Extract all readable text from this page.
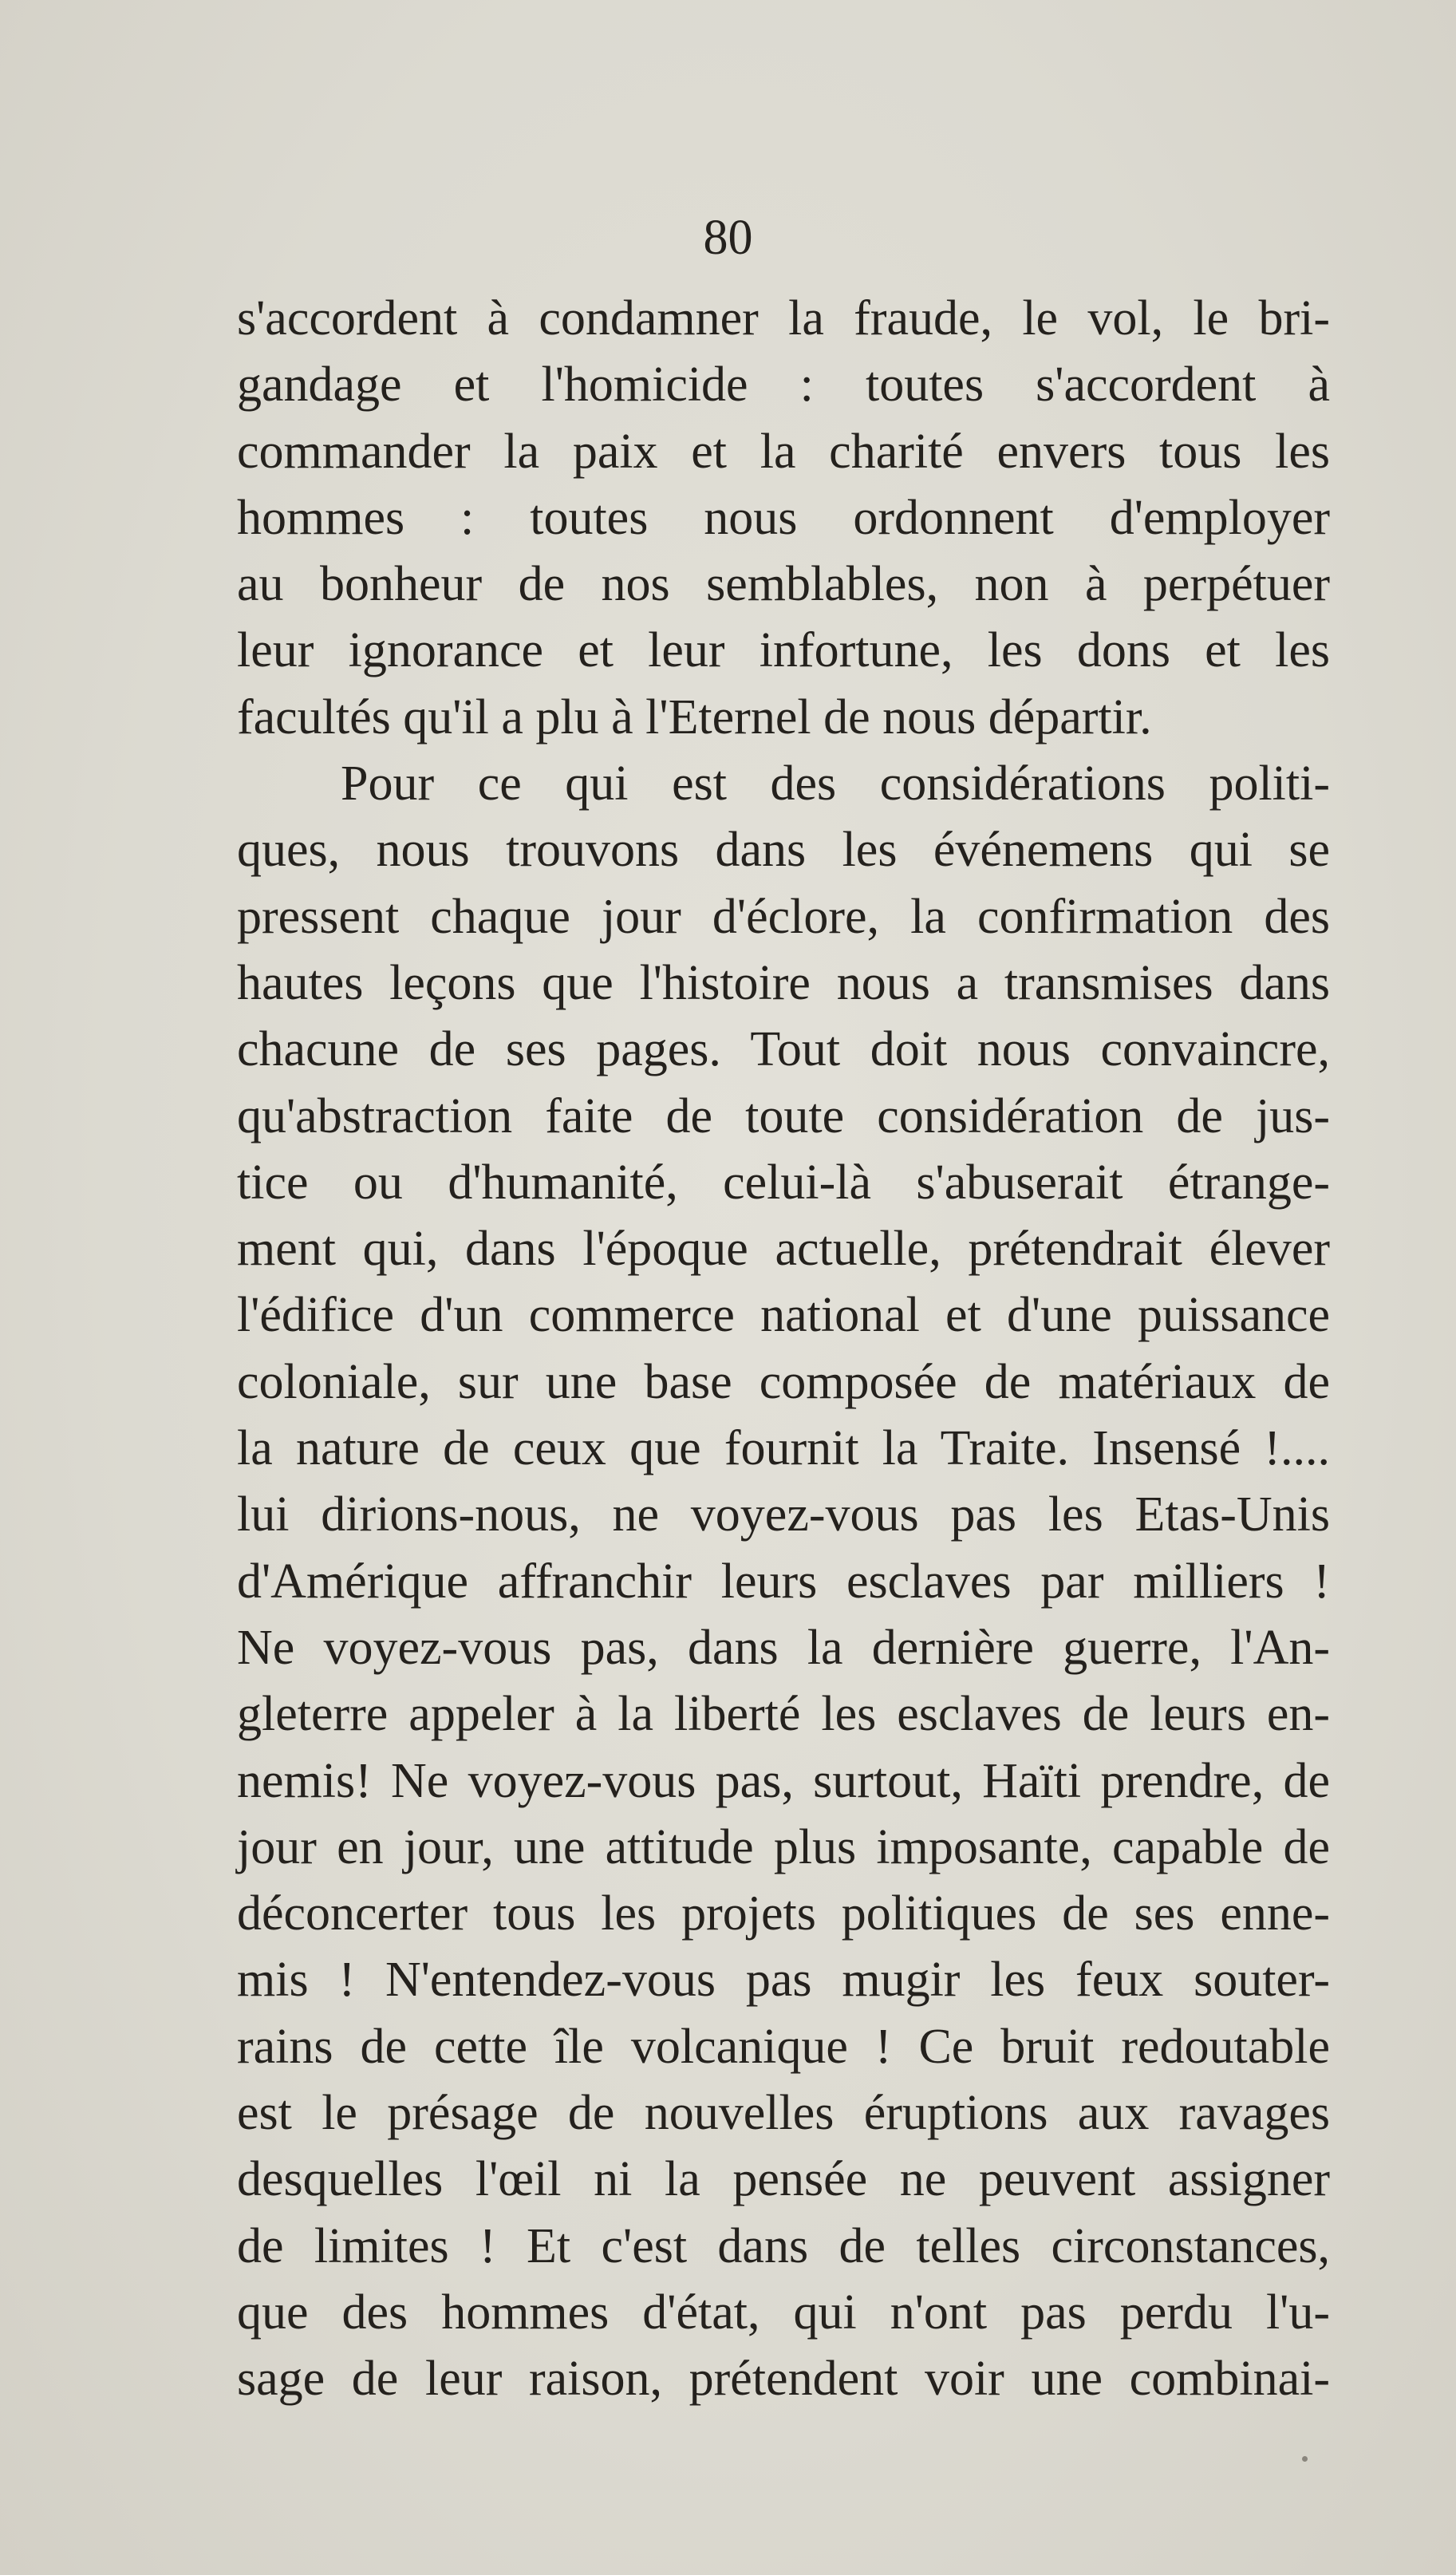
80
s'accordent à condamner la fraude, le vol, le bri-
gandage et l'homicide : toutes s'accordent à
commander la paix et la charité envers tous les
hommes : toutes nous ordonnent d'employer
au bonheur de nos semblables, non à perpétuer
leur ignorance et leur infortune, les dons et les
facultés qu'il a plu à l'Eternel de nous départir.
Pour ce qui est des considérations politi-
ques, nous trouvons dans les événemens qui se
pressent chaque jour d'éclore, la confirmation des
hautes leçons que l'histoire nous a transmises dans
chacune de ses pages. Tout doit nous convaincre,
qu'abstraction faite de toute considération de jus-
tice ou d'humanité, celui-là s'abuserait étrange-
ment qui, dans l'époque actuelle, prétendrait élever
l'édifice d'un commerce national et d'une puissance
coloniale, sur une base composée de matériaux de
la nature de ceux que fournit la Traite. Insensé !....
lui dirions-nous, ne voyez-vous pas les Etas-Unis
d'Amérique affranchir leurs esclaves par milliers !
Ne voyez-vous pas, dans la dernière guerre, l'An-
gleterre appeler à la liberté les esclaves de leurs en-
nemis! Ne voyez-vous pas, surtout, Haïti prendre, de
jour en jour, une attitude plus imposante, capable de
déconcerter tous les projets politiques de ses enne-
mis ! N'entendez-vous pas mugir les feux souter-
rains de cette île volcanique ! Ce bruit redoutable
est le présage de nouvelles éruptions aux ravages
desquelles l'œil ni la pensée ne peuvent assigner
de limites ! Et c'est dans de telles circonstances,
que des hommes d'état, qui n'ont pas perdu l'u-
sage de leur raison, prétendent voir une combinai-
